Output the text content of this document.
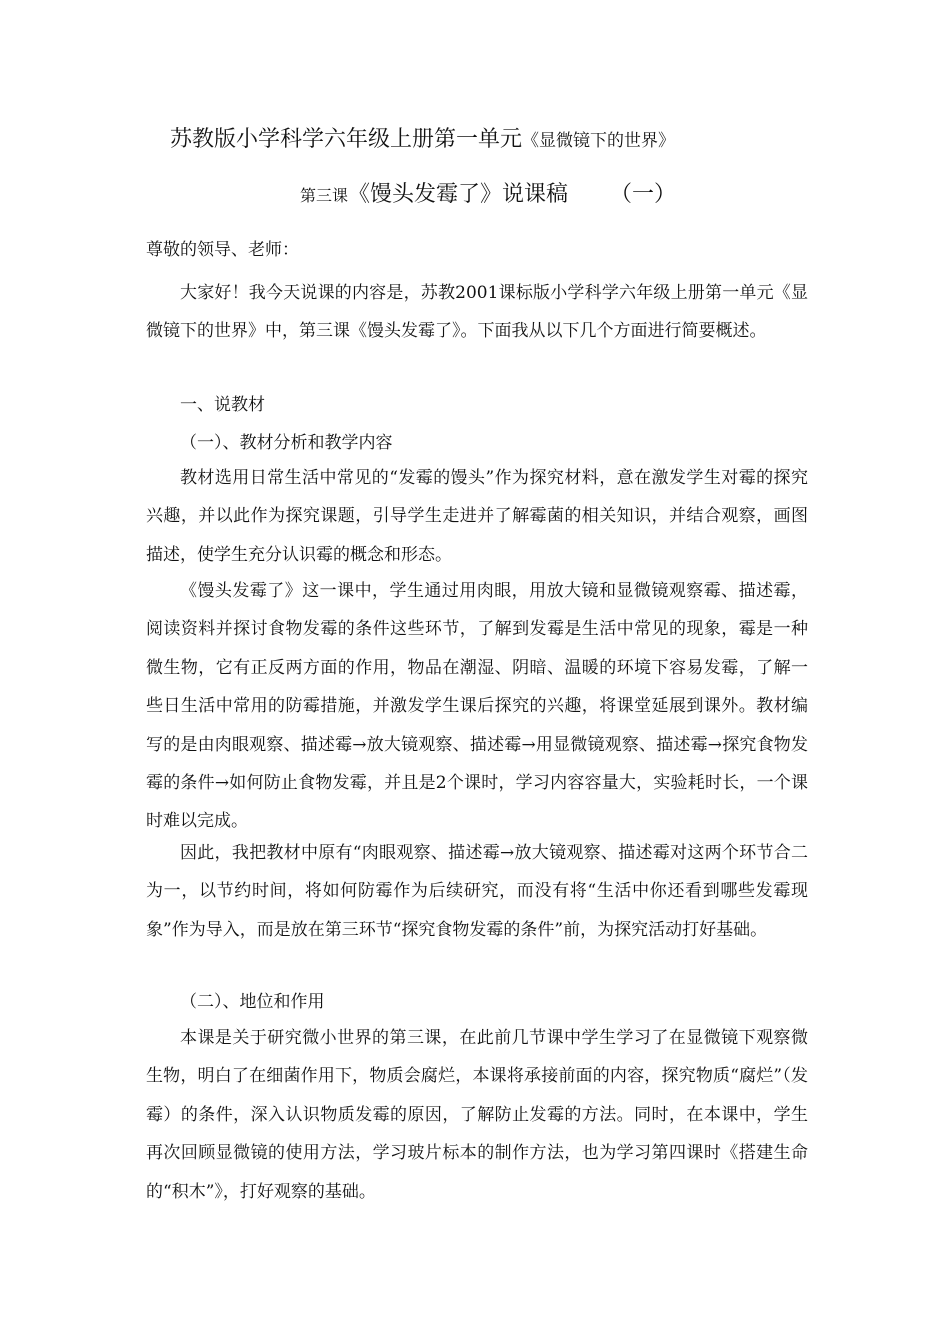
苏教版小学科学六年级上册第一单元《显微镜下的世界》
第三课《馒头发霉了》说课稿 （一）

尊敬的领导、老师：

大家好！我今天说课的内容是，苏教2001课标版小学科学六年级上册第一单元《显微镜下的世界》中，第三课《馒头发霉了》。下面我从以下几个方面进行简要概述。

一、说教材

（一）、教材分析和教学内容

教材选用日常生活中常见的“发霉的馒头”作为探究材料，意在激发学生对霉的探究兴趣，并以此作为探究课题，引导学生走进并了解霉菌的相关知识，并结合观察，画图描述，使学生充分认识霉的概念和形态。

《馒头发霉了》这一课中，学生通过用肉眼，用放大镜和显微镜观察霉、描述霉，阅读资料并探讨食物发霉的条件这些环节，了解到发霉是生活中常见的现象，霉是一种微生物，它有正反两方面的作用，物品在潮湿、阴暗、温暖的环境下容易发霉，了解一些日生活中常用的防霉措施，并激发学生课后探究的兴趣，将课堂延展到课外。教材编写的是由肉眼观察、描述霉→放大镜观察、描述霉→用显微镜观察、描述霉→探究食物发霉的条件→如何防止食物发霉，并且是2个课时，学习内容容量大，实验耗时长，一个课时难以完成。

因此，我把教材中原有“肉眼观察、描述霉→放大镜观察、描述霉对这两个环节合二为一，以节约时间，将如何防霉作为后续研究，而没有将“生活中你还看到哪些发霉现象”作为导入，而是放在第三环节“探究食物发霉的条件”前，为探究活动打好基础。

（二）、地位和作用

本课是关于研究微小世界的第三课，在此前几节课中学生学习了在显微镜下观察微生物，明白了在细菌作用下，物质会腐烂，本课将承接前面的内容，探究物质“腐烂”（发霉）的条件，深入认识物质发霉的原因，了解防止发霉的方法。同时，在本课中，学生再次回顾显微镜的使用方法，学习玻片标本的制作方法，也为学习第四课时《搭建生命的“积木”》，打好观察的基础。
